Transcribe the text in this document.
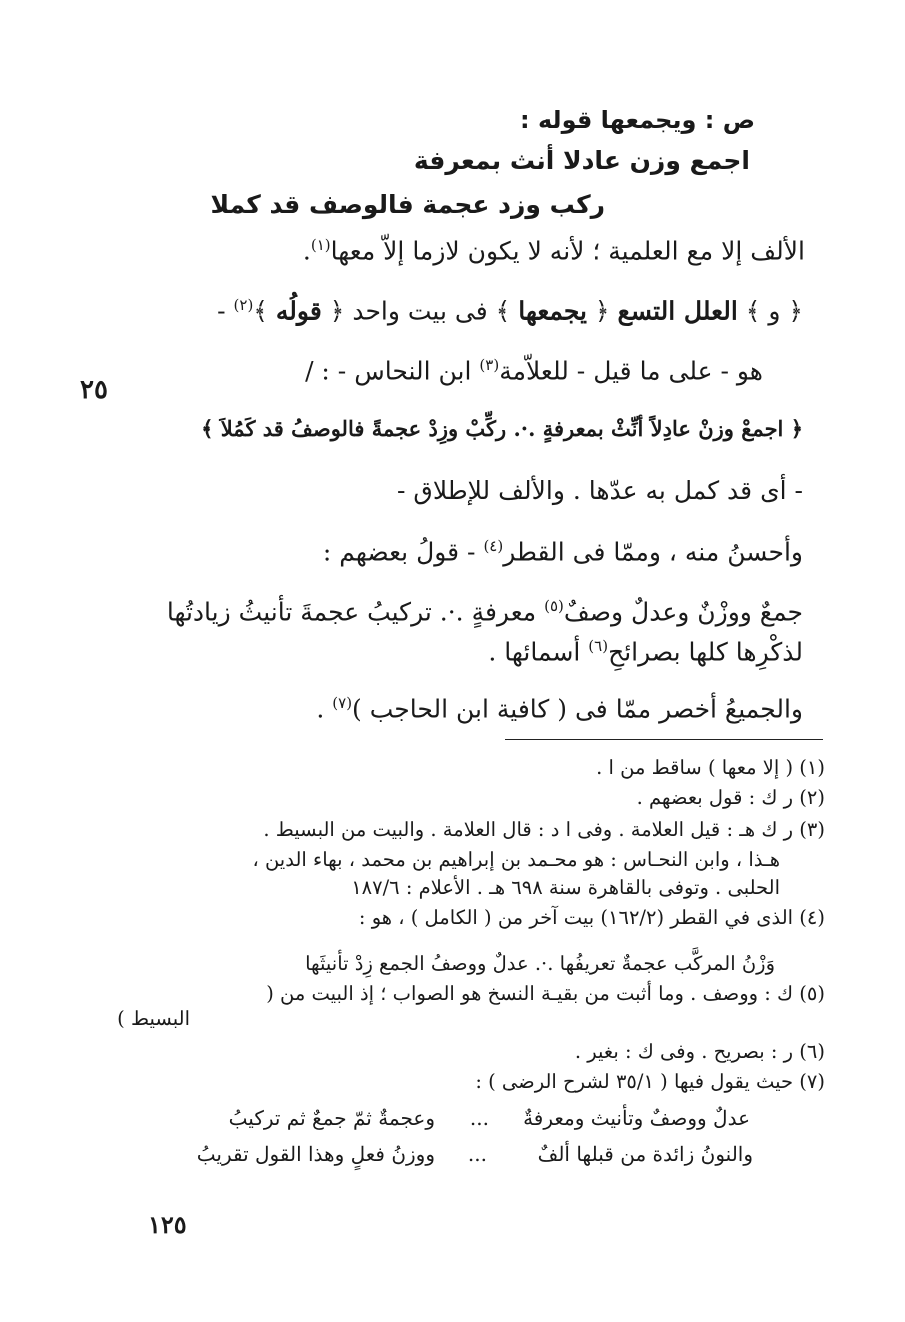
ص : ويجمعها قوله :
اجمع وزن عادلا أنث بمعرفة
ركب وزد عجمة فالوصف قد كملا
الألف إلا مع العلمية ؛ لأنه لا يكون لازما إلاّ معها$^{(١)}$.
﴿ و ﴾ العلل التسع ﴿ يجمعها ﴾ فى بيت واحد ﴿ قولُه ﴾$^{(٢)}$ -
هو - على ما قيل - للعلاّمة$^{(٣)}$ ابن النحاس - : /
٢٥
﴿ اجمعْ وزنْ عادِلاً أنِّثْ بمعرفةٍ .·. ركِّبْ وزِدْ عجمةً فالوصفُ قد كَمُلاَ ﴾
- أى قد كمل به عدّها . والألف للإطلاق -
وأحسنُ منه ، وممّا فى القطر$^{(٤)}$ - قولُ بعضهم :
جمعٌ ووزْنٌ وعدلٌ وصفٌ$^{(٥)}$ معرفةٍ .·. تركيبُ عجمةَ تأنيثُ زيادتُها
لذكْرِها كلها بصرائحِ$^{(٦)}$ أسمائها .
والجميعُ أخصر ممّا فى ( كافية ابن الحاجب )$^{(٧)}$ .
(١) ( إلا معها ) ساقط من ا .
(٢) ر ك : قول بعضهم .
(٣) ر ك هـ : قيل العلامة . وفى ا د : قال العلامة . والبيت من البسيط .
هـذا ، وابن النحـاس : هو محـمد بن إبراهيم بن محمد ، بهاء الدين ،
الحلبى . وتوفى بالقاهرة سنة ٦٩٨ هـ . الأعلام : ١٨٧/٦
(٤) الذى في القطر (١٦٢/٢) بيت آخر من ( الكامل ) ، هو :
وَزْنُ المركَّب عجمةٌ تعريفُها .·. عدلٌ ووصفُ الجمع زِدْ تأنيثَها
(٥) ك : ووصف . وما أثبت من بقيـة النسخ هو الصواب ؛ إذ البيت من (
البسيط )
(٦) ر : بصريح . وفى ك : بغير .
(٧) حيث يقول فيها ( ٣٥/١ لشرح الرضى ) :
عدلٌ ووصفٌ وتأنيث ومعرفةٌ
...
وعجمةٌ ثمّ جمعٌ ثم تركيبُ
والنونُ زائدة من قبلها ألفٌ
...
ووزنُ فعلٍ وهذا القول تقريبُ
١٢٥
